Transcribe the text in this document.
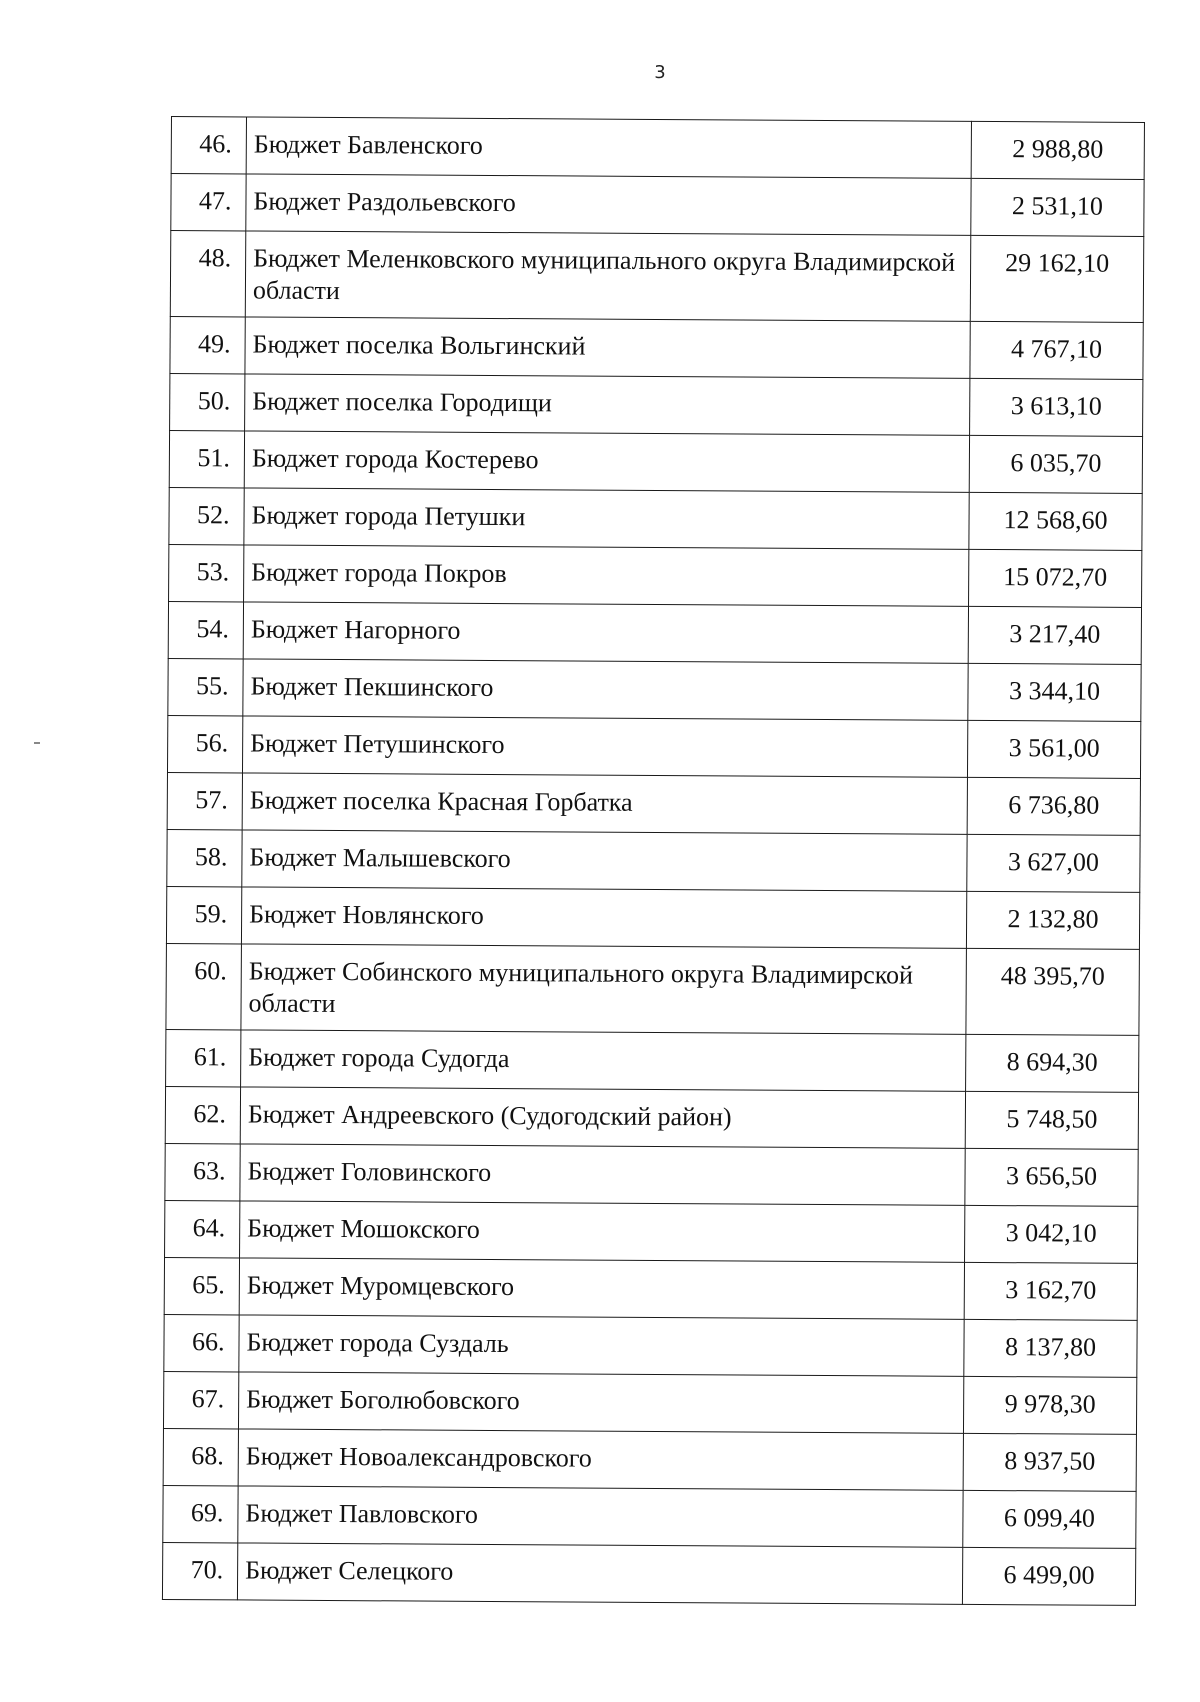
3
46.	Бюджет Бавленского	2 988,80
47.	Бюджет Раздольевского	2 531,10
48.	Бюджет Меленковского муниципального округа Владимирской области	29 162,10
49.	Бюджет поселка Вольгинский	4 767,10
50.	Бюджет поселка Городищи	3 613,10
51.	Бюджет города Костерево	6 035,70
52.	Бюджет города Петушки	12 568,60
53.	Бюджет города Покров	15 072,70
54.	Бюджет Нагорного	3 217,40
55.	Бюджет Пекшинского	3 344,10
56.	Бюджет Петушинского	3 561,00
57.	Бюджет поселка Красная Горбатка	6 736,80
58.	Бюджет Малышевского	3 627,00
59.	Бюджет Новлянского	2 132,80
60.	Бюджет Собинского муниципального округа Владимирской области	48 395,70
61.	Бюджет города Судогда	8 694,30
62.	Бюджет Андреевского (Судогодский район)	5 748,50
63.	Бюджет Головинского	3 656,50
64.	Бюджет Мошокского	3 042,10
65.	Бюджет Муромцевского	3 162,70
66.	Бюджет города Суздаль	8 137,80
67.	Бюджет Боголюбовского	9 978,30
68.	Бюджет Новоалександровского	8 937,50
69.	Бюджет Павловского	6 099,40
70.	Бюджет Селецкого	6 499,00
